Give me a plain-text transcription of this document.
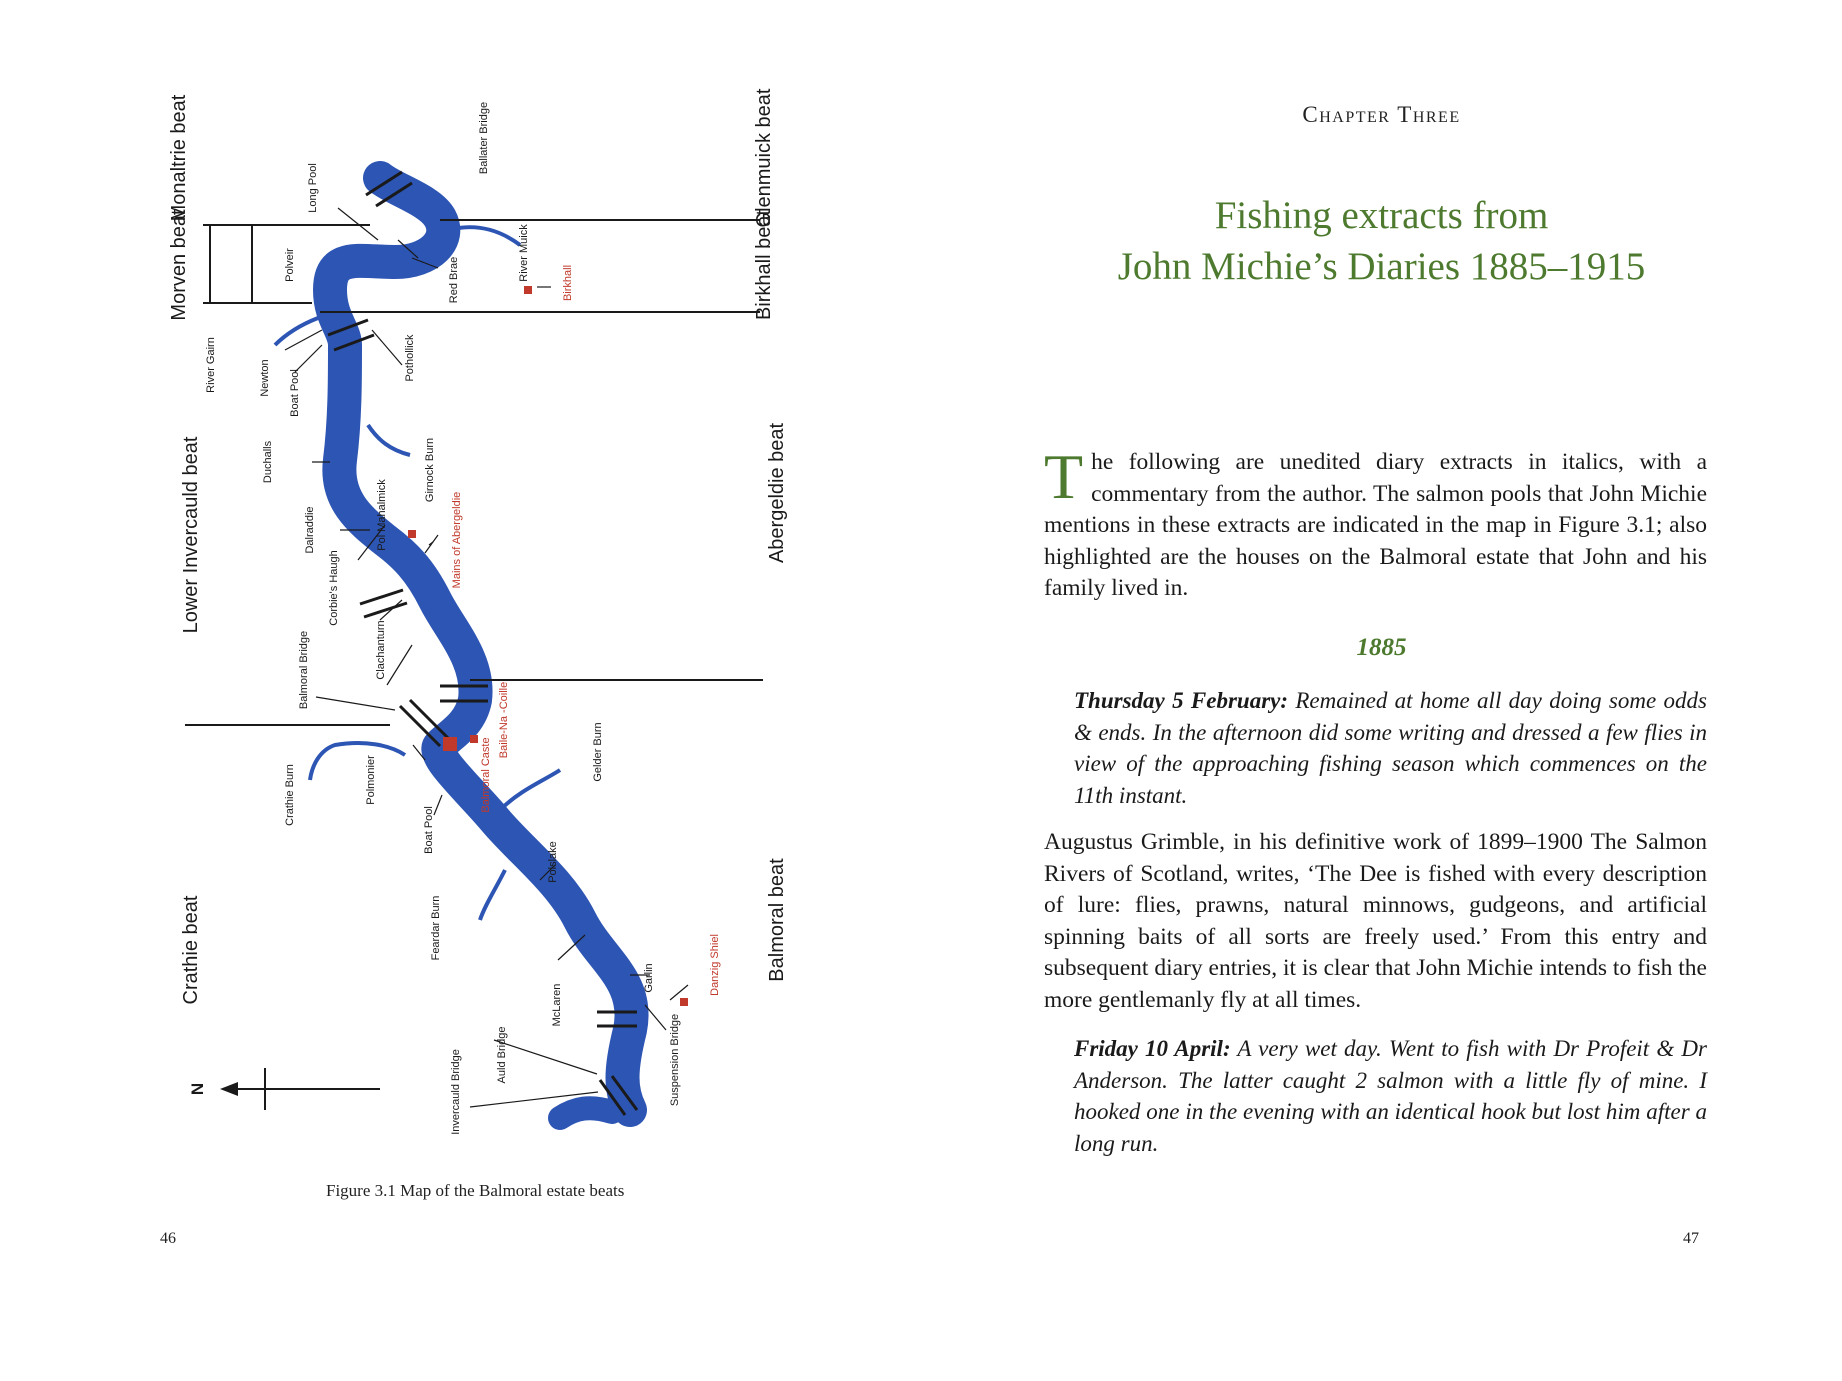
N
Monaltrie beat
Morven beat
Lower Invercauld beat
Crathie beat
Glenmuick beat
Birkhall beat
Abergeldie beat
Balmoral beat
Ballater Bridge
Long Pool
Polveir	Red Brae	River Muick
River Gairn	Newton Boat Pool
Pothollick
Duchalls	Girnock Burn
Pol Mahalmick
Dalraddie
Corbie's Haugh
Clachanturn
Balmoral Bridge
Crathie Burn	Polmonier
Boat Pool
Gelder Burn
Polslake
Feardar Burn
McLaren
Garlin
Auld Bridge
Invercauld Bridge	Suspension Bridge
Birkhall
Mains of Abergeldie
Baile-Na -Coille
Balmoral Caste
Danzig Shiel
Figure 3.1 Map of the Balmoral estate beats
46
Chapter Three
Fishing extracts from
John Michie’s Diaries 1885–1915
The following are unedited diary extracts in italics, with a commentary from the author. The salmon pools that John Michie mentions in these extracts are indicated in the map in Figure 3.1; also highlighted are the houses on the Balmoral estate that John and his family lived in.
1885
Thursday 5 February: Remained at home all day doing some odds & ends. In the afternoon did some writing and dressed a few flies in view of the approaching fishing season which commences on the 11th instant.
Augustus Grimble, in his definitive work of 1899–1900 The Salmon Rivers of Scotland, writes, ‘The Dee is fished with every description of lure: flies, prawns, natural minnows, gudgeons, and artificial spinning baits of all sorts are freely used.’ From this entry and subsequent diary entries, it is clear that John Michie intends to fish the more gentlemanly fly at all times.
Friday 10 April: A very wet day. Went to fish with Dr Profeit & Dr Anderson. The latter caught 2 salmon with a little fly of mine. I hooked one in the evening with an identical hook but lost him after a long run.
47
